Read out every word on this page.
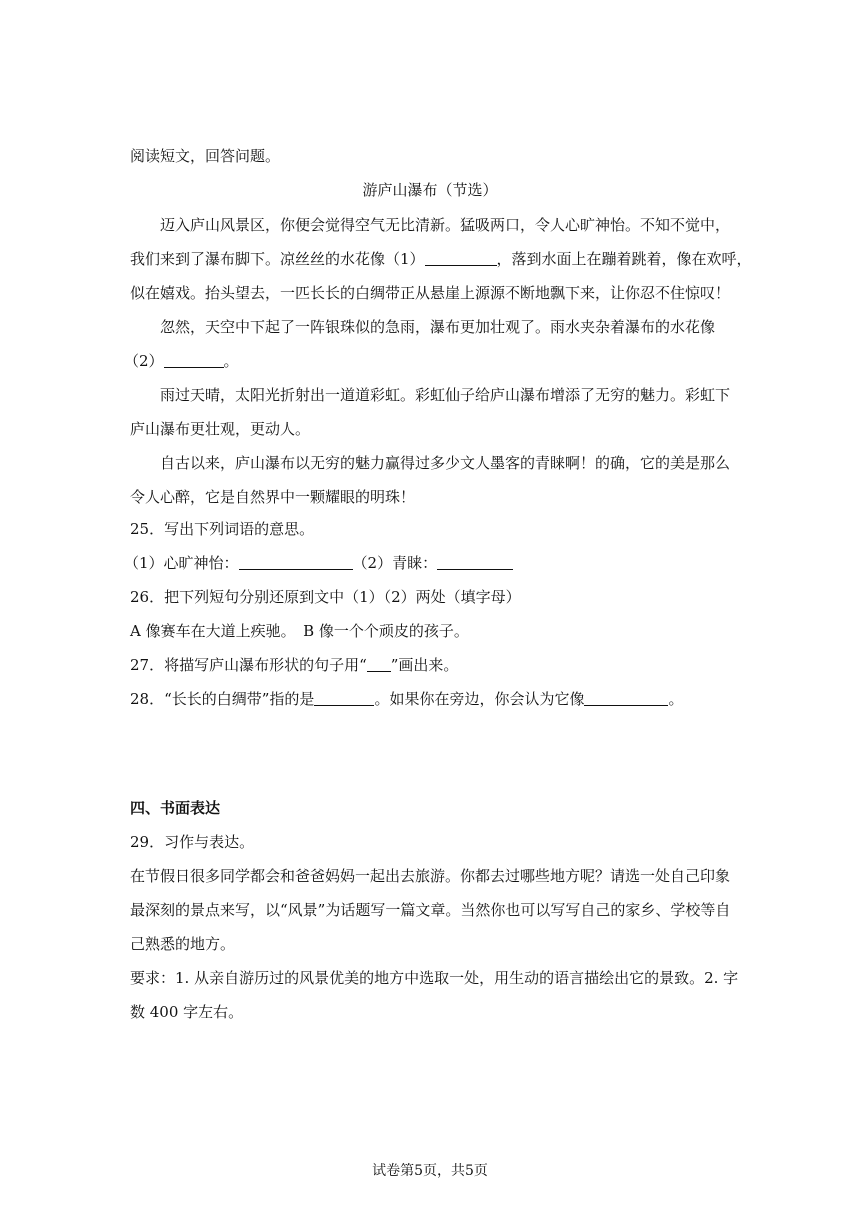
阅读短文，回答问题。
游庐山瀑布（节选）
迈入庐山风景区，你便会觉得空气无比清新。猛吸两口，令人心旷神怡。不知不觉中，
我们来到了瀑布脚下。凉丝丝的水花像（1）	，落到水面上在蹦着跳着，像在欢呼，
似在嬉戏。抬头望去，一匹长长的白绸带正从悬崖上源源不断地飘下来，让你忍不住惊叹！
忽然，天空中下起了一阵银珠似的急雨，瀑布更加壮观了。雨水夹杂着瀑布的水花像
（2）	。
雨过天晴，太阳光折射出一道道彩虹。彩虹仙子给庐山瀑布增添了无穷的魅力。彩虹下
庐山瀑布更壮观，更动人。
自古以来，庐山瀑布以无穷的魅力赢得过多少文人墨客的青睐啊！的确，它的美是那么
令人心醉，它是自然界中一颗耀眼的明珠！
25．写出下列词语的意思。
（1）心旷神怡：	（2）青睐：
26．把下列短句分别还原到文中（1）（2）两处（填字母）
A 像赛车在大道上疾驰。　B 像一个个顽皮的孩子。
27．将描写庐山瀑布形状的句子用“ ”画出来。
28．“长长的白绸带”指的是	。如果你在旁边，你会认为它像	。
四、书面表达
29．习作与表达。
在节假日很多同学都会和爸爸妈妈一起出去旅游。你都去过哪些地方呢？请选一处自己印象
最深刻的景点来写，以“风景”为话题写一篇文章。当然你也可以写写自己的家乡、学校等自
己熟悉的地方。
要求：1. 从亲自游历过的风景优美的地方中选取一处，用生动的语言描绘出它的景致。2. 字
数 400 字左右。
试卷第5页，共5页
